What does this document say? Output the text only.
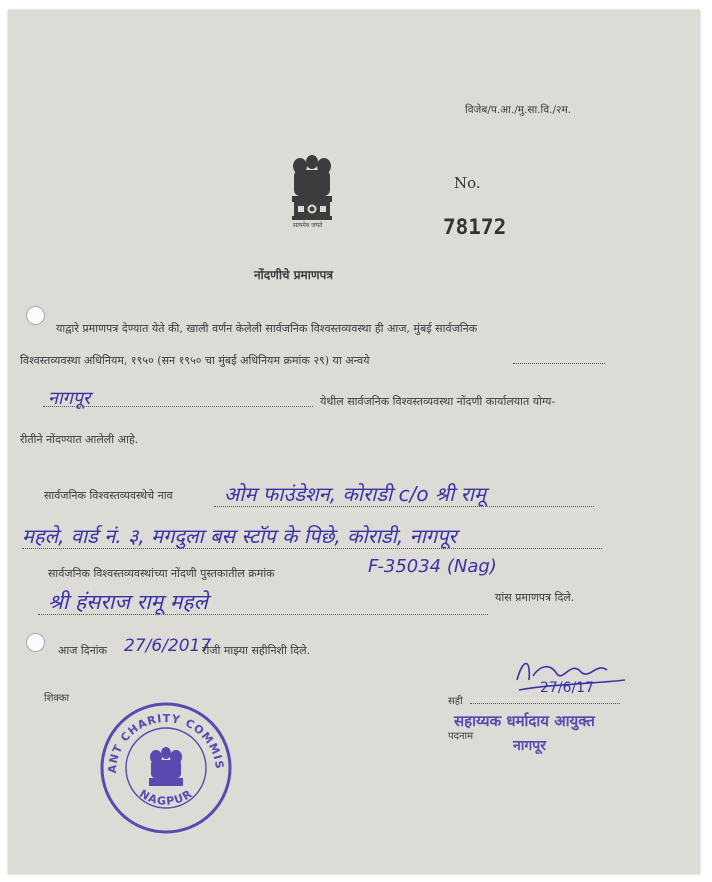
विजेब/प.आ./मु.सा.वि./२म.
सत्यमेव जयते
No.
78172
नोंदणीचे प्रमाणपत्र
याद्वारे प्रमाणपत्र देण्यात येते की, खाली वर्णन केलेली सार्वजनिक विश्वस्तव्यवस्था ही आज, मुंबई सार्वजनिक
विश्वस्तव्यवस्था अधिनियम, १९५० (सन १९५० चा मुंबई अधिनियम क्रमांक २९) या अन्वये
नागपूर	येथील सार्वजनिक विश्वस्तव्यवस्था नोंदणी कार्यालयात योग्य-
रीतीने नोंदण्यात आलेली आहे.
सार्वजनिक विश्वस्तव्यवस्थेचे नाव	ओम फाउंडेशन, कोराडी c/o श्री रामू
महले, वार्ड नं. ३, मगदुला बस स्टॉप के पिछे, कोराडी, नागपूर
सार्वजनिक विश्वस्तव्यवस्थांच्या नोंदणी पुस्तकातील क्रमांक	F-35034 (Nag)
श्री हंसराज रामू महले	यांस प्रमाणपत्र दिले.
आज दिनांक 27/6/2017
रोजी माझ्या सहीनिशी दिले.
शिक्का	सही
27/6/17
पदनाम
सहाय्यक धर्मादाय आयुक्त
नागपूर
ANT CHARITY COMMIS
NAGPUR
